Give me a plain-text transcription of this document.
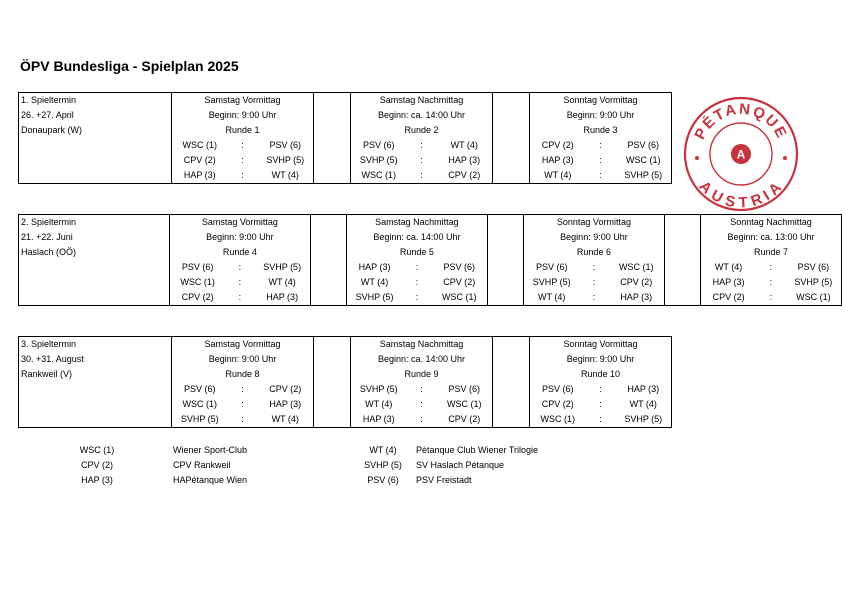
ÖPV Bundesliga - Spielplan 2025
1. Spieltermin	Samstag Vormittag				Samstag Nachmittag				Sonntag Vormittag		
26. +27. April	Beginn: 9:00 Uhr				Beginn: ca. 14:00 Uhr				Beginn: 9:00 Uhr		
Donaupark (W)	Runde 1				Runde 2				Runde 3		
	WSC (1)	:	PSV (6)		PSV (6)	:	WT (4)		CPV (2)	:	PSV (6)
	CPV (2)	:	SVHP (5)		SVHP (5)	:	HAP (3)		HAP (3)	:	WSC (1)
	HAP (3)	:	WT (4)		WSC (1)	:	CPV (2)		WT (4)	:	SVHP (5)
2. Spieltermin	Samstag Vormittag				Samstag Nachmittag				Sonntag Vormittag				Sonntag Nachmittag		
21. +22. Juni	Beginn: 9:00 Uhr				Beginn: ca. 14:00 Uhr				Beginn: 9:00 Uhr				Beginn: ca. 13:00 Uhr		
Haslach (OÖ)	Runde 4				Runde 5				Runde 6				Runde 7		
	PSV (6)	:	SVHP (5)		HAP (3)	:	PSV (6)		PSV (6)	:	WSC (1)		WT (4)	:	PSV (6)
	WSC (1)	:	WT (4)		WT (4)	:	CPV (2)		SVHP (5)	:	CPV (2)		HAP (3)	:	SVHP (5)
	CPV (2)	:	HAP (3)		SVHP (5)	:	WSC (1)		WT (4)	:	HAP (3)		CPV (2)	:	WSC (1)
3. Spieltermin	Samstag Vormittag				Samstag Nachmittag				Sonntag Vormittag		
30. +31. August	Beginn: 9:00 Uhr				Beginn: ca. 14:00 Uhr				Beginn: 9:00 Uhr		
Rankweil (V)	Runde 8				Runde 9				Runde 10		
	PSV (6)	:	CPV (2)		SVHP (5)	:	PSV (6)		PSV (6)	:	HAP (3)
	WSC (1)	:	HAP (3)		WT (4)	:	WSC (1)		CPV (2)	:	WT (4)
	SVHP (5)	:	WT (4)		HAP (3)	:	CPV (2)		WSC (1)	:	SVHP (5)
PÉTANQUE
AUSTRIA
A
WSC (1)	Wiener Sport-Club	WT (4)	Pétanque Club Wiener Trilogie
CPV (2)	CPV Rankweil	SVHP (5) SV Haslach Pétanque
HAP (3)	HAPétanque Wien	PSV (6)	PSV Freistadt
